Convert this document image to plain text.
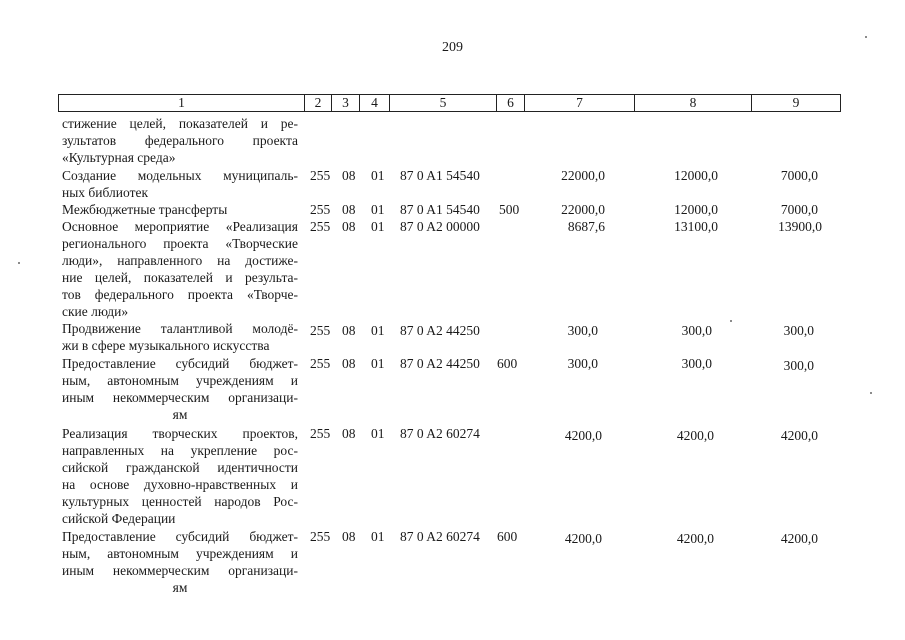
209
1	2	3	4	5	6	7	8	9
стижение целей, показателей и ре-
зультатов федерального проекта
«Культурная среда»
Создание модельных муниципаль-
ных библиотек
255 08 01 87 0 A1 54540	22000,0	12000,0	7000,0
Межбюджетные трансферты	255 08 01 87 0 A1 54540 500	22000,0	12000,0	7000,0
Основное мероприятие «Реализация
регионального проекта «Творческие
люди», направленного на достиже-
ние целей, показателей и результа-
тов федерального проекта «Творче-
ские люди»
255 08 01 87 0 A2 00000	8687,6	13100,0	13900,0
Продвижение талантливой молодё-
жи в сфере музыкального искусства
255 08 01 87 0 A2 44250	300,0	300,0	300,0
Предоставление субсидий бюджет-
ным, автономным учреждениям и
иным некоммерческим организаци-
ям
255 08 01 87 0 A2 44250 600	300,0	300,0	300,0
Реализация творческих проектов,
направленных на укрепление рос-
сийской гражданской идентичности
на основе духовно-нравственных и
культурных ценностей народов Рос-
сийской Федерации
255 08 01 87 0 A2 60274	4200,0	4200,0	4200,0
Предоставление субсидий бюджет-
ным, автономным учреждениям и
иным некоммерческим организаци-
ям
255 08 01 87 0 A2 60274 600	4200,0	4200,0	4200,0
